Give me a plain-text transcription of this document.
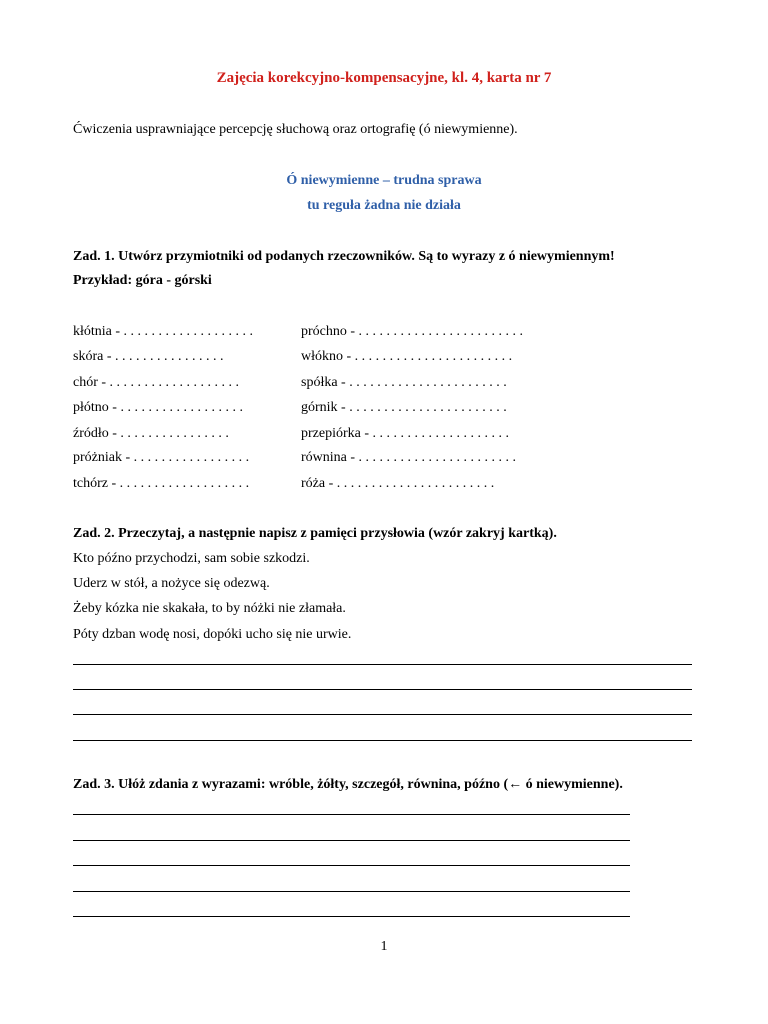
Zajęcia korekcyjno-kompensacyjne, kl. 4, karta nr 7
Ćwiczenia usprawniające percepcję słuchową oraz ortografię (ó niewymienne).
Ó niewymienne – trudna sprawa
tu reguła żadna nie działa
Zad. 1. Utwórz przymiotniki od podanych rzeczowników. Są to wyrazy z ó niewymiennym!
Przykład: góra - górski
kłótnia - . . . . . . . . . . . . . . . . . . .
skóra - . . . . . . . . . . . . . . . .
chór - . . . . . . . . . . . . . . . . . . .
płótno - . . . . . . . . . . . . . . . . . .
źródło - . . . . . . . . . . . . . . . .
próżniak - . . . . . . . . . . . . . . . . .
tchórz - . . . . . . . . . . . . . . . . . . .
próchno - . . . . . . . . . . . . . . . . . . . . . . . .
włókno - . . . . . . . . . . . . . . . . . . . . . . .
spółka - . . . . . . . . . . . . . . . . . . . . . . .
górnik - . . . . . . . . . . . . . . . . . . . . . . .
przepiórka - . . . . . . . . . . . . . . . . . . . .
równina - . . . . . . . . . . . . . . . . . . . . . . .
róża - . . . . . . . . . . . . . . . . . . . . . . .
Zad. 2. Przeczytaj, a następnie napisz z pamięci przysłowia (wzór zakryj kartką).
Kto późno przychodzi, sam sobie szkodzi.
Uderz w stół, a nożyce się odezwą.
Żeby kózka nie skakała, to by nóżki nie złamała.
Póty dzban wodę nosi, dopóki ucho się nie urwie.
Zad. 3. Ułóż zdania z wyrazami: wróble, żółty, szczegół, równina, późno (← ó niewymienne).
1
